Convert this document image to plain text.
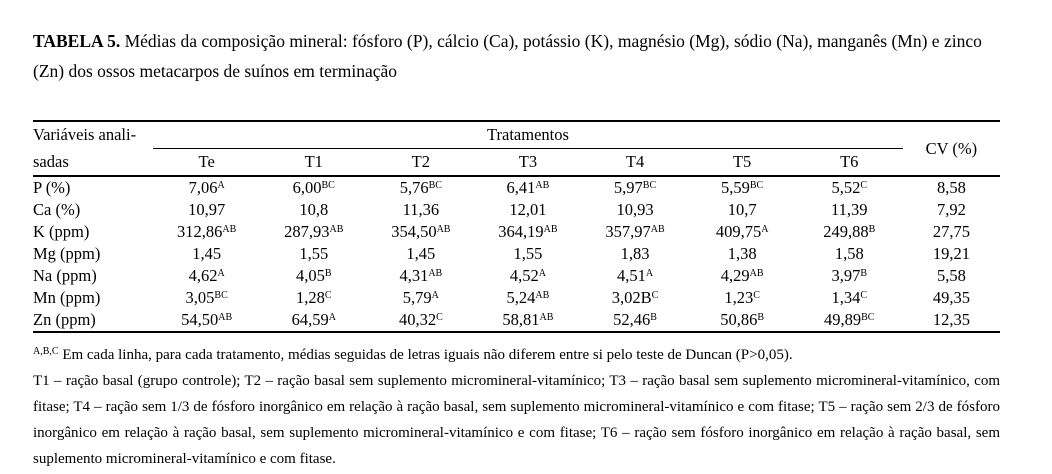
TABELA 5. Médias da composição mineral: fósforo (P), cálcio (Ca), potássio (K), magnésio (Mg), sódio (Na), manganês (Mn) e zinco
(Zn) dos ossos metacarpos de suínos em terminação

Variáveis anali-	Tratamentos							CV (%)
sadas	Te	T1	T2	T3	T4	T5	T6	
P (%)	$7,06^A$	$6,00^{BC}$	$5,76^{BC}$	$6,41^{AB}$	$5,97^{BC}$	$5,59^{BC}$	$5,52^C$	8,58
Ca (%)	10,97	10,8	11,36	12,01	10,93	10,7	11,39	7,92
K (ppm)	$312,86^{AB}$	$287,93^{AB}$	$354,50^{AB}$	$364,19^{AB}$	$357,97^{AB}$	$409,75^A$	$249,88^B$	27,75
Mg (ppm)	1,45	1,55	1,45	1,55	1,83	1,38	1,58	19,21
Na (ppm)	$4,62^A$	$4,05^B$	$4,31^{AB}$	$4,52^A$	$4,51^A$	$4,29^{AB}$	$3,97^B$	5,58
Mn (ppm)	$3,05^{BC}$	$1,28^C$	$5,79^A$	$5,24^{AB}$	$3,02B^C$	$1,23^C$	$1,34^C$	49,35
Zn (ppm)	$54,50^{AB}$	$64,59^A$	$40,32^C$	$58,81^{AB}$	$52,46^B$	$50,86^B$	$49,89^{BC}$	12,35

$^{A,B,C}$ Em cada linha, para cada tratamento, médias seguidas de letras iguais não diferem entre si pelo teste de Duncan (P>0,05).

T1 – ração basal (grupo controle); T2 – ração basal sem suplemento micromineral-vitamínico; T3 – ração basal sem suplemento micromineral-vitamínico, com fitase; T4 – ração sem 1/3 de fósforo inorgânico em relação à ração basal, sem suplemento micromineral-vitamínico e com fitase; T5 – ração sem 2/3 de fósforo inorgânico em relação à ração basal, sem suplemento micromineral-vitamínico e com fitase; T6 – ração sem fósforo inorgânico em relação à ração basal, sem suplemento micromineral-vitamínico e com fitase.
